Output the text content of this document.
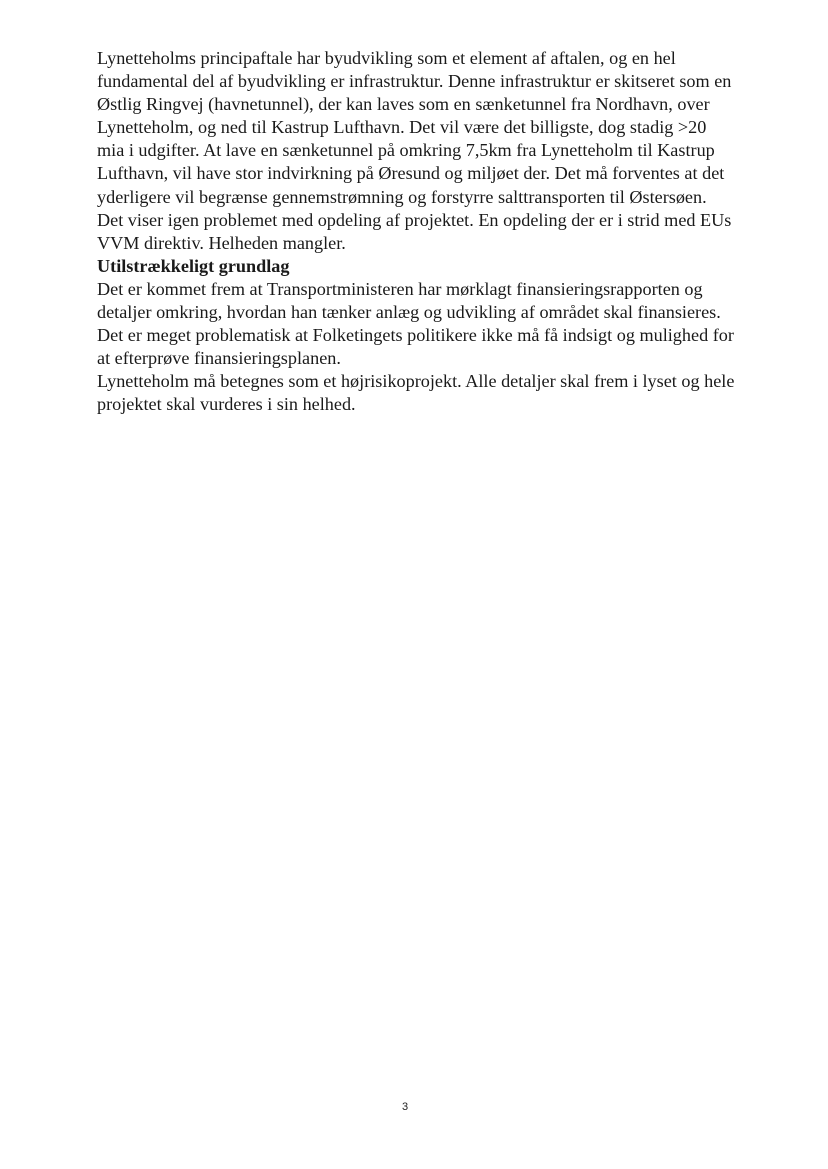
Lynetteholms principaftale har byudvikling som et element af aftalen, og en hel fundamental del af byudvikling er infrastruktur. Denne infrastruktur er skitseret som en Østlig Ringvej (havnetunnel), der kan laves som en sænketunnel fra Nordhavn, over Lynetteholm, og ned til Kastrup Lufthavn. Det vil være det billigste, dog stadig >20 mia i udgifter. At lave en sænketunnel på omkring 7,5km fra Lynetteholm til Kastrup Lufthavn, vil have stor indvirkning på Øresund og miljøet der. Det må forventes at det yderligere vil begrænse gennemstrømning og forstyrre salttransporten til Østersøen.

Det viser igen problemet med opdeling af projektet. En opdeling der er i strid med EUs VVM direktiv. Helheden mangler.

Utilstrækkeligt grundlag

Det er kommet frem at Transportministeren har mørklagt finansieringsrapporten og detaljer omkring, hvordan han tænker anlæg og udvikling af området skal finansieres. Det er meget problematisk at Folketingets politikere ikke må få indsigt og mulighed for at efterprøve finansieringsplanen.

Lynetteholm må betegnes som et højrisikoprojekt. Alle detaljer skal frem i lyset og hele projektet skal vurderes i sin helhed.

3
